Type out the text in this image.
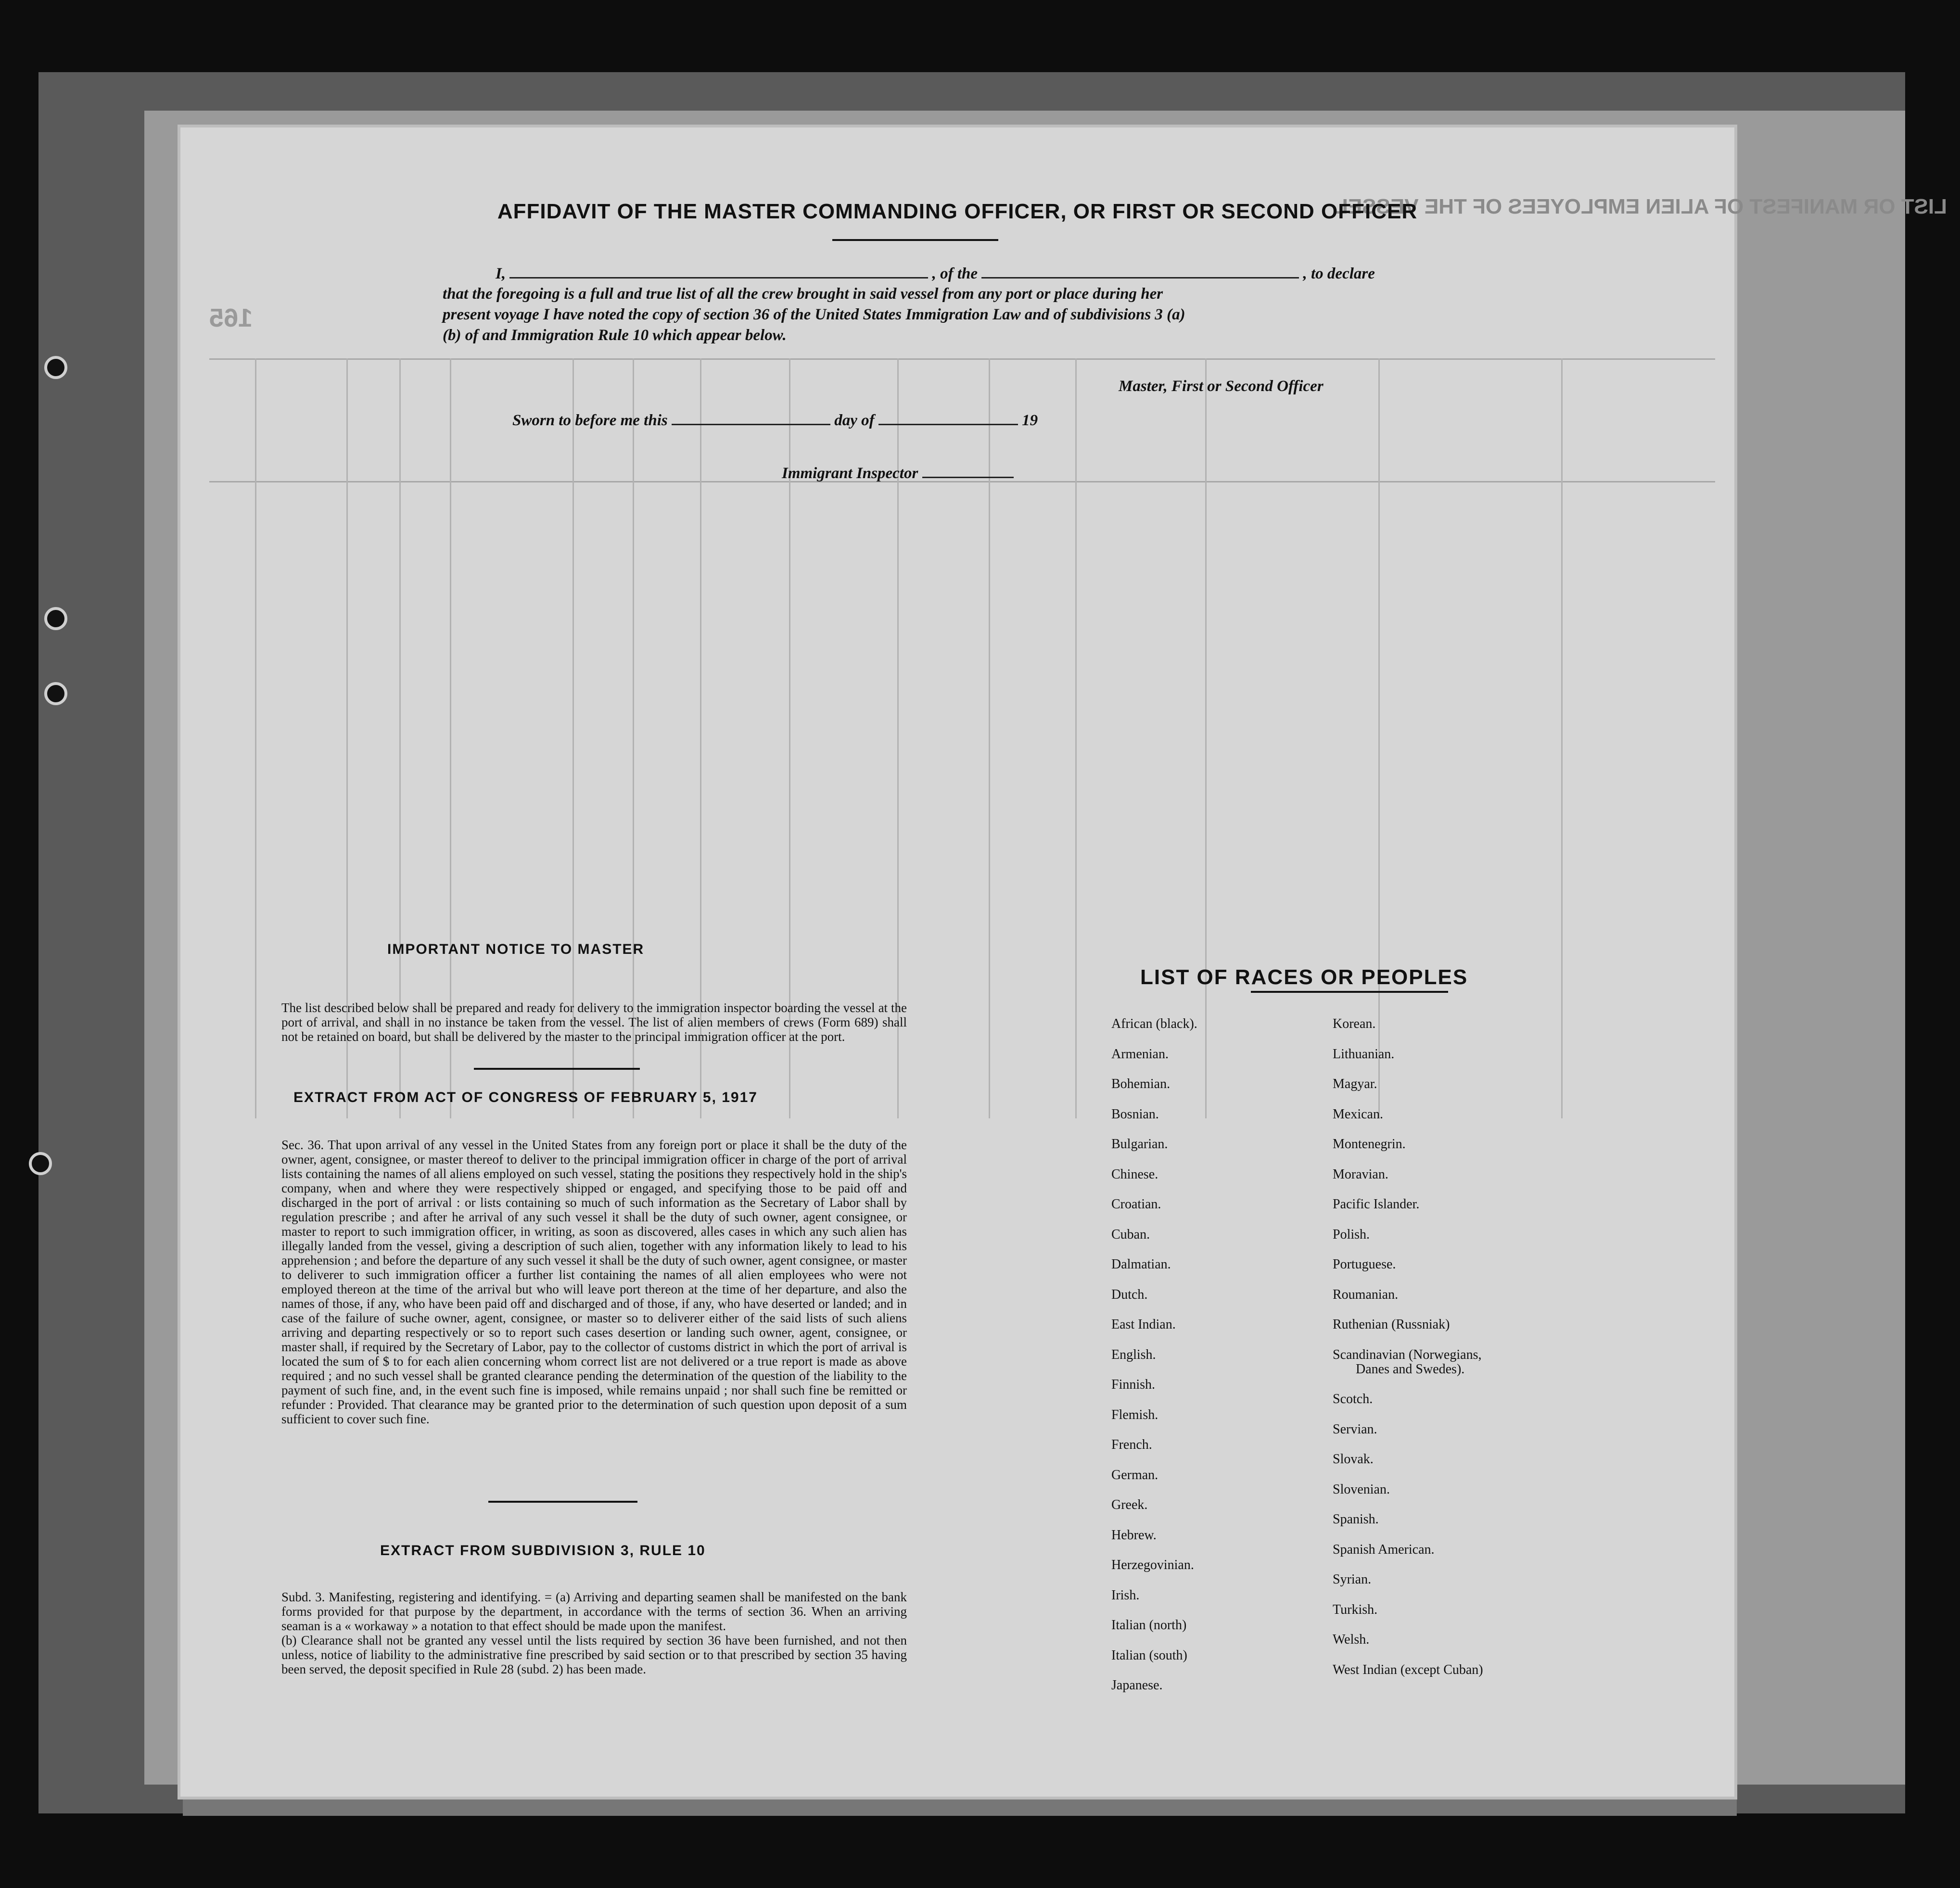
165
LIST OR MANIFEST OF ALIEN EMPLOYEES OF THE VESSEL
AFFIDAVIT OF THE MASTER COMMANDING OFFICER, OR FIRST OR SECOND OFFICER
I,	, of the	, to declare
that the foregoing is a full and true list of all the crew brought in said vessel from any port or place during her
present voyage I have noted the copy of section 36 of the United States Immigration Law and of subdivisions 3 (a)
(b) of and Immigration Rule 10 which appear below.
Master, First or Second Officer
Sworn to before me this	day of	19
Immigrant Inspector
IMPORTANT NOTICE TO MASTER
The list described below shall be prepared and ready for delivery to the immigration inspector boarding the vessel at the port of arrival, and shall in no instance be taken from the vessel. The list of alien members of crews (Form 689) shall not be retained on board, but shall be delivered by the master to the principal immigration officer at the port.
EXTRACT FROM ACT OF CONGRESS OF FEBRUARY 5, 1917
Sec. 36. That upon arrival of any vessel in the United States from any foreign port or place it shall be the duty of the owner, agent, consignee, or master thereof to deliver to the principal immigration officer in charge of the port of arrival lists containing the names of all aliens employed on such vessel, stating the positions they respectively hold in the ship's company, when and where they were respectively shipped or engaged, and specifying those to be paid off and discharged in the port of arrival : or lists containing so much of such information as the Secretary of Labor shall by regulation prescribe ; and after he arrival of any such vessel it shall be the duty of such owner, agent consignee, or master to report to such immigration officer, in writing, as soon as discovered, alles cases in which any such alien has illegally landed from the vessel, giving a description of such alien, together with any information likely to lead to his apprehension ; and before the departure of any such vessel it shall be the duty of such owner, agent consignee, or master to deliverer to such immigration officer a further list containing the names of all alien employees who were not employed thereon at the time of the arrival but who will leave port thereon at the time of her departure, and also the names of those, if any, who have been paid off and discharged and of those, if any, who have deserted or landed; and in case of the failure of suche owner, agent, consignee, or master so to deliverer either of the said lists of such aliens arriving and departing respectively or so to report such cases desertion or landing such owner, agent, consignee, or master shall, if required by the Secretary of Labor, pay to the collector of customs district in which the port of arrival is located the sum of $ to for each alien concerning whom correct list are not delivered or a true report is made as above required ; and no such vessel shall be granted clearance pending the determination of the question of the liability to the payment of such fine, and, in the event such fine is imposed, while remains unpaid ; nor shall such fine be remitted or refunder : Provided. That clearance may be granted prior to the determination of such question upon deposit of a sum sufficient to cover such fine.
EXTRACT FROM SUBDIVISION 3, RULE 10
Subd. 3. Manifesting, registering and identifying. = (a) Arriving and departing seamen shall be manifested on the bank forms provided for that purpose by the department, in accordance with the terms of section 36. When an arriving seaman is a « workaway » a notation to that effect should be made upon the manifest.
(b) Clearance shall not be granted any vessel until the lists required by section 36 have been furnished, and not then unless, notice of liability to the administrative fine prescribed by said section or to that prescribed by section 35 having been served, the deposit specified in Rule 28 (subd. 2) has been made.
LIST OF RACES OR PEOPLES
African (black).
Armenian.
Bohemian.
Bosnian.
Bulgarian.
Chinese.
Croatian.
Cuban.
Dalmatian.
Dutch.
East Indian.
English.
Finnish.
Flemish.
French.
German.
Greek.
Hebrew.
Herzegovinian.
Irish.
Italian (north)
Italian (south)
Japanese.
Korean.
Lithuanian.
Magyar.
Mexican.
Montenegrin.
Moravian.
Pacific Islander.
Polish.
Portuguese.
Roumanian.
Ruthenian (Russniak)
Scandinavian (Norwegians,
Danes and Swedes).
Scotch.
Servian.
Slovak.
Slovenian.
Spanish.
Spanish American.
Syrian.
Turkish.
Welsh.
West Indian (except Cuban)
